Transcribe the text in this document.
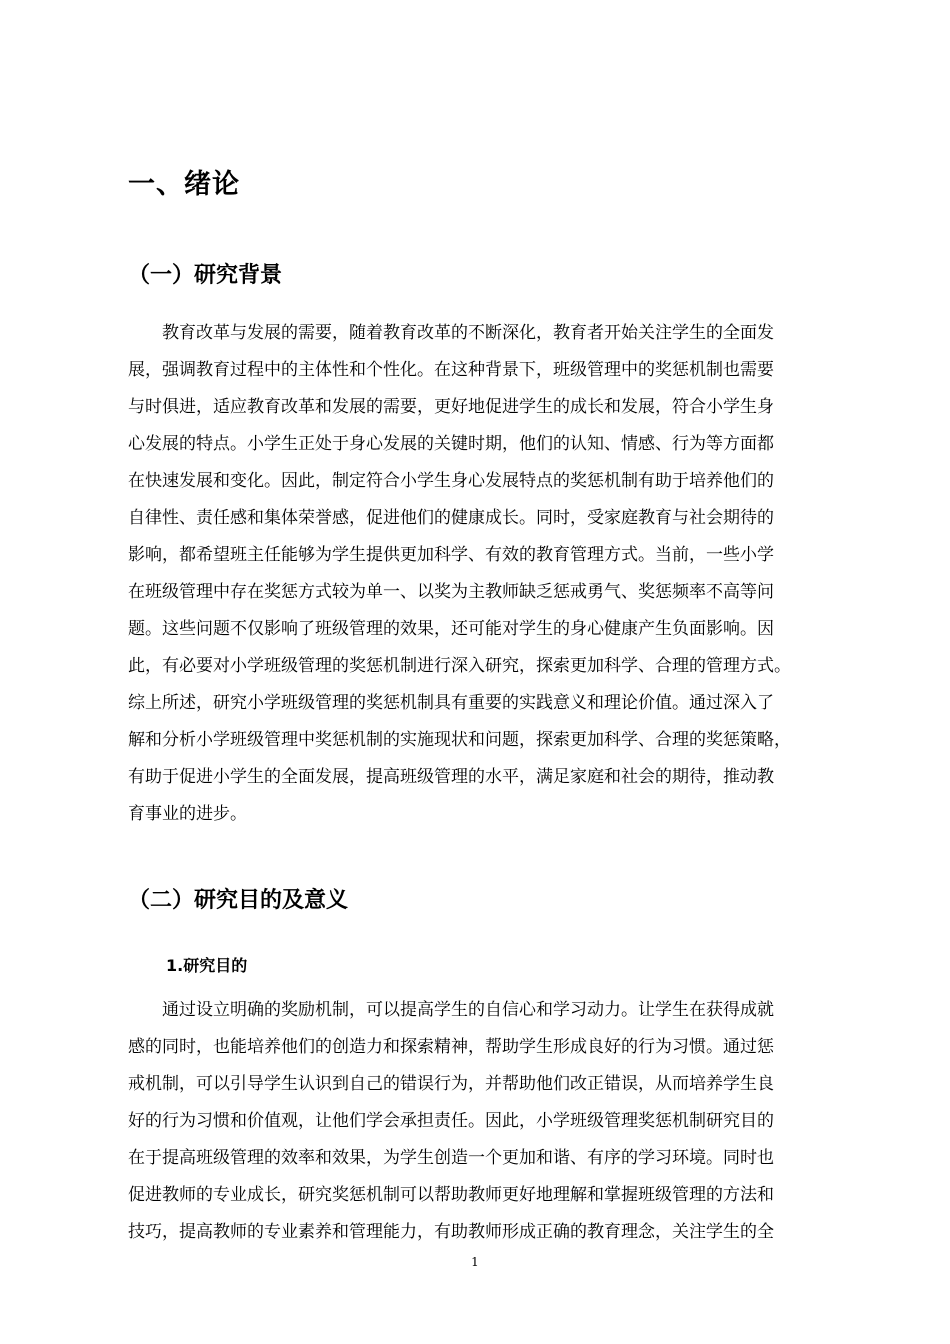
一、绪论
（一）研究背景
　　教育改革与发展的需要，随着教育改革的不断深化，教育者开始关注学生的全面发
展，强调教育过程中的主体性和个性化。在这种背景下，班级管理中的奖惩机制也需要
与时俱进，适应教育改革和发展的需要，更好地促进学生的成长和发展，符合小学生身
心发展的特点。小学生正处于身心发展的关键时期，他们的认知、情感、行为等方面都
在快速发展和变化。因此，制定符合小学生身心发展特点的奖惩机制有助于培养他们的
自律性、责任感和集体荣誉感，促进他们的健康成长。同时，受家庭教育与社会期待的
影响，都希望班主任能够为学生提供更加科学、有效的教育管理方式。当前，一些小学
在班级管理中存在奖惩方式较为单一、以奖为主教师缺乏惩戒勇气、奖惩频率不高等问
题。这些问题不仅影响了班级管理的效果，还可能对学生的身心健康产生负面影响。因
此，有必要对小学班级管理的奖惩机制进行深入研究，探索更加科学、合理的管理方式。
综上所述，研究小学班级管理的奖惩机制具有重要的实践意义和理论价值。通过深入了
解和分析小学班级管理中奖惩机制的实施现状和问题，探索更加科学、合理的奖惩策略，
有助于促进小学生的全面发展，提高班级管理的水平，满足家庭和社会的期待，推动教
育事业的进步。
（二）研究目的及意义
1.研究目的
　　通过设立明确的奖励机制，可以提高学生的自信心和学习动力。让学生在获得成就
感的同时，也能培养他们的创造力和探索精神，帮助学生形成良好的行为习惯。通过惩
戒机制，可以引导学生认识到自己的错误行为，并帮助他们改正错误，从而培养学生良
好的行为习惯和价值观，让他们学会承担责任。因此，小学班级管理奖惩机制研究目的
在于提高班级管理的效率和效果，为学生创造一个更加和谐、有序的学习环境。同时也
促进教师的专业成长，研究奖惩机制可以帮助教师更好地理解和掌握班级管理的方法和
技巧，提高教师的专业素养和管理能力，有助教师形成正确的教育理念，关注学生的全
1
